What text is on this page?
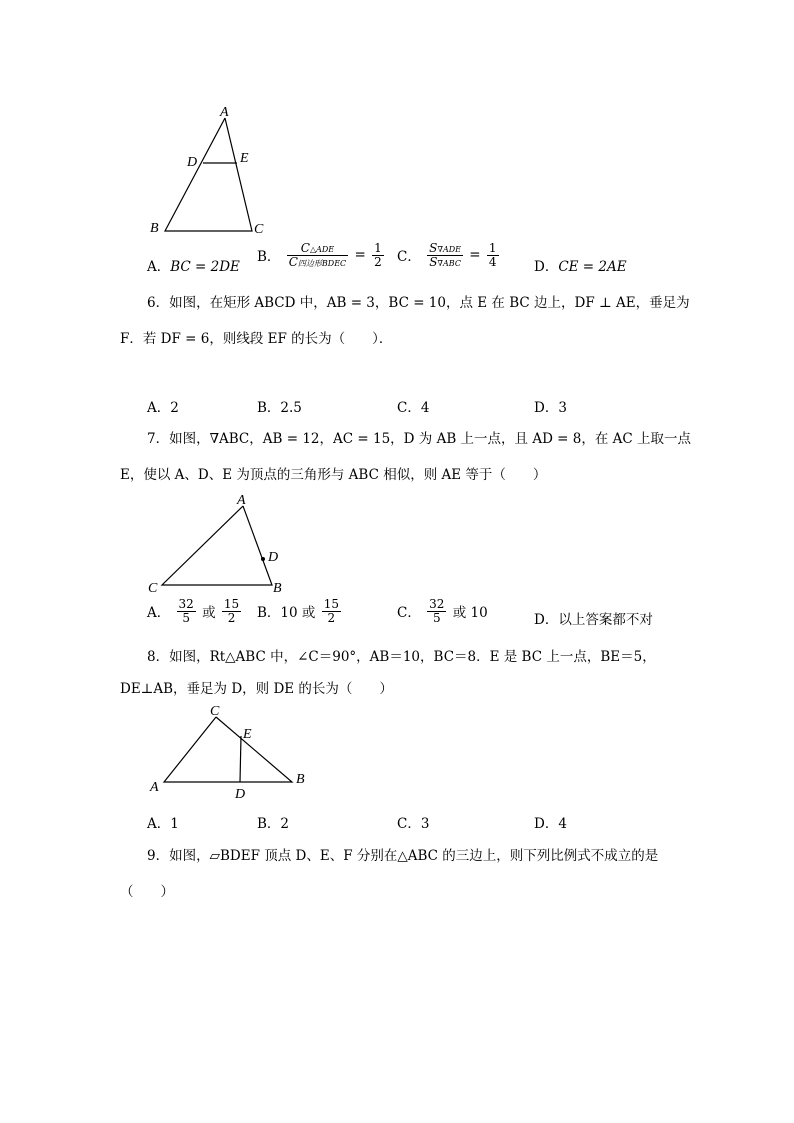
A
D	E
B	C
A．BC = 2DE
B． $\frac{\text{C△ADE}}{\text{C四边形BDEC}} = \frac{1}{2}$ C． $\frac{\text{S∇ADE}}{\text{S∇ABC}} = \frac{1}{4}$	D．CE = 2AE
6．如图，在矩形 ABCD 中，AB = 3，BC = 10，点 E 在 BC 边上，DF ⊥ AE，垂足为
F．若 DF = 6，则线段 EF 的长为（　　）．
A．2	B．2.5	C．4	D．3
7．如图，∇ABC，AB = 12，AC = 15，D 为 AB 上一点，且 AD = 8，在 AC 上取一点
E，使以 A、D、E 为顶点的三角形与 ABC 相似，则 AE 等于（　　）
A
D
C	B
A． $\frac{32}{5}$ 或 $\frac{15}{2}$ B．10 或 $\frac{15}{2}$	C． $\frac{32}{5}$ 或 10	D．以上答案都不对
8．如图，Rt△ABC 中，∠C＝90°，AB＝10，BC＝8．E 是 BC 上一点，BE＝5，
DE⊥AB，垂足为 D，则 DE 的长为（　　）
C
E
A
B
D
A．1	B．2	C．3	D．4
9．如图，▱BDEF 顶点 D、E、F 分别在△ABC 的三边上，则下列比例式不成立的是
（　　）
